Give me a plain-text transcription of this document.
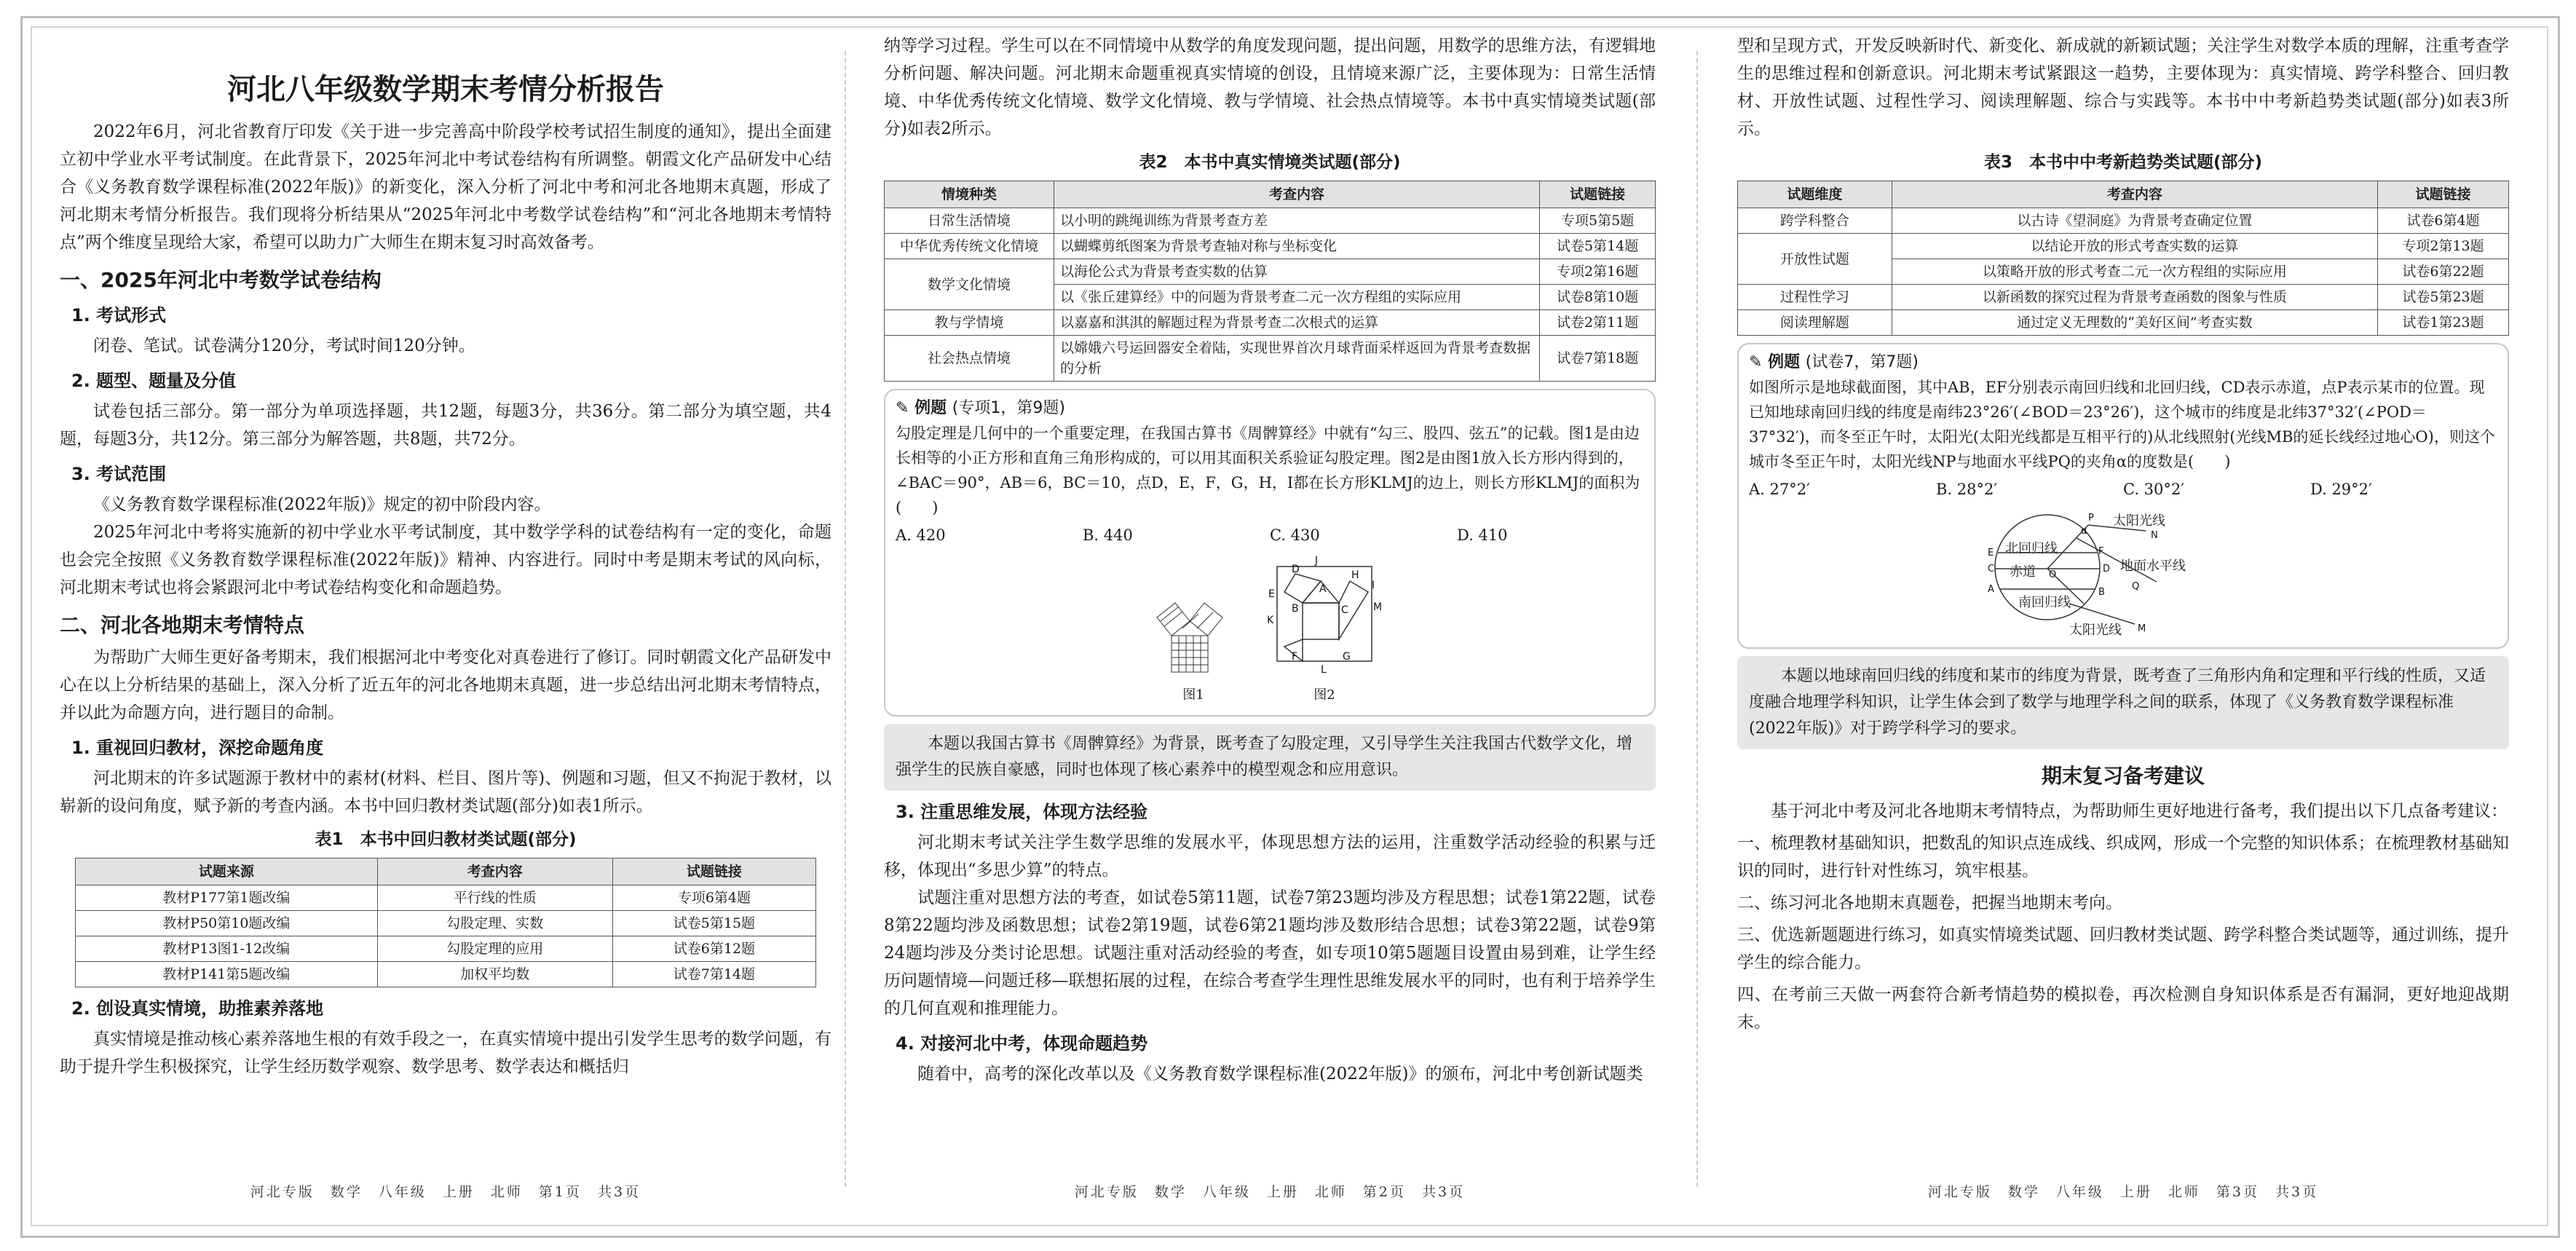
河北八年级数学期末考情分析报告

2022年6月，河北省教育厅印发《关于进一步完善高中阶段学校考试招生制度的通知》，提出全面建立初中学业水平考试制度。在此背景下，2025年河北中考试卷结构有所调整。朝霞文化产品研发中心结合《义务教育数学课程标准(2022年版)》的新变化，深入分析了河北中考和河北各地期末真题，形成了河北期末考情分析报告。我们现将分析结果从“2025年河北中考数学试卷结构”和“河北各地期末考情特点”两个维度呈现给大家，希望可以助力广大师生在期末复习时高效备考。

一、2025年河北中考数学试卷结构
1. 考试形式

闭卷、笔试。试卷满分120分，考试时间120分钟。

2. 题型、题量及分值

试卷包括三部分。第一部分为单项选择题，共12题，每题3分，共36分。第二部分为填空题，共4题，每题3分，共12分。第三部分为解答题，共8题，共72分。

3. 考试范围

《义务教育数学课程标准(2022年版)》规定的初中阶段内容。

2025年河北中考将实施新的初中学业水平考试制度，其中数学学科的试卷结构有一定的变化，命题也会完全按照《义务教育数学课程标准(2022年版)》精神、内容进行。同时中考是期末考试的风向标，河北期末考试也将会紧跟河北中考试卷结构变化和命题趋势。

二、河北各地期末考情特点

为帮助广大师生更好备考期末，我们根据河北中考变化对真卷进行了修订。同时朝霞文化产品研发中心在以上分析结果的基础上，深入分析了近五年的河北各地期末真题，进一步总结出河北期末考情特点，并以此为命题方向，进行题目的命制。

1. 重视回归教材，深挖命题角度

河北期末的许多试题源于教材中的素材(材料、栏目、图片等)、例题和习题，但又不拘泥于教材，以崭新的设问角度，赋予新的考查内涵。本书中回归教材类试题(部分)如表1所示。

表1　本书中回归教材类试题(部分)
试题来源	考查内容	试题链接
教材P177第1题改编	平行线的性质	专项6第4题
教材P50第10题改编	勾股定理、实数	试卷5第15题
教材P13图1-12改编	勾股定理的应用	试卷6第12题
教材P141第5题改编	加权平均数	试卷7第14题
2. 创设真实情境，助推素养落地

真实情境是推动核心素养落地生根的有效手段之一，在真实情境中提出引发学生思考的数学问题，有助于提升学生积极探究，让学生经历数学观察、数学思考、数学表达和概括归

河北专版　数学　八年级　上册　北师　第1页　共3页

纳等学习过程。学生可以在不同情境中从数学的角度发现问题，提出问题，用数学的思维方法，有逻辑地分析问题、解决问题。河北期末命题重视真实情境的创设，且情境来源广泛，主要体现为：日常生活情境、中华优秀传统文化情境、数学文化情境、教与学情境、社会热点情境等。本书中真实情境类试题(部分)如表2所示。

表2　本书中真实情境类试题(部分)
情境种类	考查内容	试题链接
日常生活情境	以小明的跳绳训练为背景考查方差	专项5第5题
中华优秀传统文化情境	以蝴蝶剪纸图案为背景考查轴对称与坐标变化	试卷5第14题
数学文化情境	以海伦公式为背景考查实数的估算	专项2第16题
	以《张丘建算经》中的问题为背景考查二元一次方程组的实际应用	试卷8第10题
教与学情境	以嘉嘉和淇淇的解题过程为背景考查二次根式的运算	试卷2第11题
社会热点情境	以嫦娥六号运回器安全着陆，实现世界首次月球背面采样返回为背景考查数据的分析	试卷7第18题
✎ 例题 (专项1，第9题)
勾股定理是几何中的一个重要定理，在我国古算书《周髀算经》中就有“勾三、股四、弦五”的记载。图1是由边长相等的小正方形和直角三角形构成的，可以用其面积关系验证勾股定理。图2是由图1放入长方形内得到的，∠BAC＝90°，AB＝6，BC＝10，点D，E，F，G，H，I都在长方形KLMJ的边上，则长方形KLMJ的面积为(　　)
A. 420	B. 440	C. 430	D. 410
图1
J
D	H
A	I
E
M
B	C
K
F	G
L
图2
本题以我国古算书《周髀算经》为背景，既考查了勾股定理，又引导学生关注我国古代数学文化，增强学生的民族自豪感，同时也体现了核心素养中的模型观念和应用意识。
3. 注重思维发展，体现方法经验

河北期末考试关注学生数学思维的发展水平，体现思想方法的运用，注重数学活动经验的积累与迁移，体现出“多思少算”的特点。

试题注重对思想方法的考查，如试卷5第11题，试卷7第23题均涉及方程思想；试卷1第22题，试卷8第22题均涉及函数思想；试卷2第19题，试卷6第21题均涉及数形结合思想；试卷3第22题，试卷9第24题均涉及分类讨论思想。试题注重对活动经验的考查，如专项10第5题题目设置由易到难，让学生经历问题情境—问题迁移—联想拓展的过程，在综合考查学生理性思维发展水平的同时，也有利于培养学生的几何直观和推理能力。

4. 对接河北中考，体现命题趋势

随着中，高考的深化改革以及《义务教育数学课程标准(2022年版)》的颁布，河北中考创新试题类

河北专版　数学　八年级　上册　北师　第2页　共3页

型和呈现方式，开发反映新时代、新变化、新成就的新颖试题；关注学生对数学本质的理解，注重考查学生的思维过程和创新意识。河北期末考试紧跟这一趋势，主要体现为：真实情境、跨学科整合、回归教材、开放性试题、过程性学习、阅读理解题、综合与实践等。本书中中考新趋势类试题(部分)如表3所示。

表3　本书中中考新趋势类试题(部分)
试题维度	考查内容	试题链接
跨学科整合	以古诗《望洞庭》为背景考查确定位置	试卷6第4题
开放性试题	以结论开放的形式考查实数的运算	专项2第13题
	以策略开放的形式考查二元一次方程组的实际应用	试卷6第22题
过程性学习	以新函数的探究过程为背景考查函数的图象与性质	试卷5第23题
阅读理解题	通过定义无理数的“美好区间”考查实数	试卷1第23题
✎ 例题 (试卷7，第7题)
如图所示是地球截面图，其中AB，EF分别表示南回归线和北回归线，CD表示赤道，点P表示某市的位置。现已知地球南回归线的纬度是南纬23°26′(∠BOD＝23°26′)，这个城市的纬度是北纬37°32′(∠POD＝37°32′)，而冬至正午时，太阳光(太阳光线都是互相平行的)从北线照射(光线MB的延长线经过地心O)，则这个城市冬至正午时，太阳光线NP与地面水平线PQ的夹角α的度数是(　　)
A. 27°2′	B. 28°2′	C. 30°2′	D. 29°2′
E
C
A
P
F
O
D
B
Q
N
M
α
北回归线
赤道
南回归线
太阳光线
地面水平线
太阳光线
本题以地球南回归线的纬度和某市的纬度为背景，既考查了三角形内角和定理和平行线的性质，又适度融合地理学科知识，让学生体会到了数学与地理学科之间的联系，体现了《义务教育数学课程标准(2022年版)》对于跨学科学习的要求。
期末复习备考建议

基于河北中考及河北各地期末考情特点，为帮助师生更好地进行备考，我们提出以下几点备考建议：

一、梳理教材基础知识，把数乱的知识点连成线、织成网，形成一个完整的知识体系；在梳理教材基础知识的同时，进行针对性练习，筑牢根基。

二、练习河北各地期末真题卷，把握当地期末考向。

三、优选新题题进行练习，如真实情境类试题、回归教材类试题、跨学科整合类试题等，通过训练，提升学生的综合能力。

四、在考前三天做一两套符合新考情趋势的模拟卷，再次检测自身知识体系是否有漏洞，更好地迎战期末。

河北专版　数学　八年级　上册　北师　第3页　共3页
